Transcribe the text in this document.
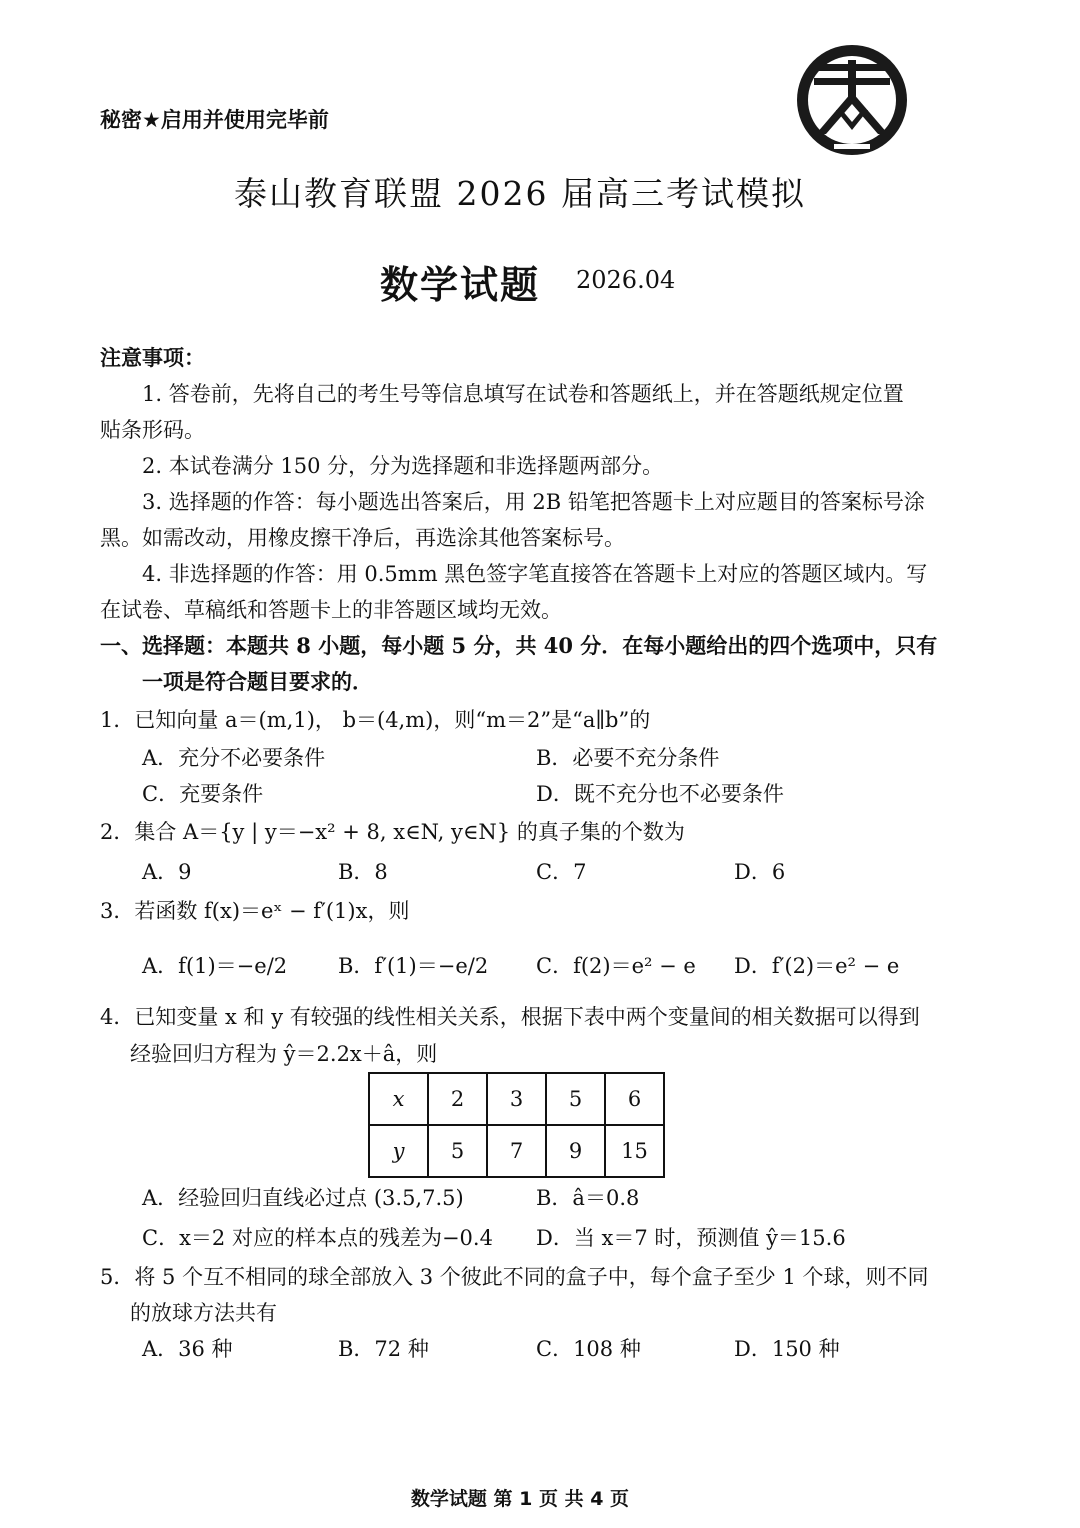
秘密★启用并使用完毕前
泰山教育联盟 2026 届高三考试模拟
数学试题 2026.04
注意事项：
1. 答卷前，先将自己的考生号等信息填写在试卷和答题纸上，并在答题纸规定位置
贴条形码。
2. 本试卷满分 150 分，分为选择题和非选择题两部分。
3. 选择题的作答：每小题选出答案后，用 2B 铅笔把答题卡上对应题目的答案标号涂
黑。如需改动，用橡皮擦干净后，再选涂其他答案标号。
4. 非选择题的作答：用 0.5mm 黑色签字笔直接答在答题卡上对应的答题区域内。写
在试卷、草稿纸和答题卡上的非答题区域均无效。
一、选择题：本题共 8 小题，每小题 5 分，共 40 分．在每小题给出的四个选项中，只有
一项是符合题目要求的．
1．已知向量 a＝(m,1)， b＝(4,m)，则“m＝2”是“a∥b”的
A．充分不必要条件	B．必要不充分条件
C．充要条件	D．既不充分也不必要条件
2．集合 A＝{y | y＝−x² + 8, x∈N, y∈N} 的真子集的个数为
A．9	B．8	C．7	D．6
3．若函数 f(x)＝eˣ − f′(1)x，则
A．f(1)＝−e/2 B．f′(1)＝−e/2 C．f(2)＝e² − e D．f′(2)＝e² − e
4．已知变量 x 和 y 有较强的线性相关关系，根据下表中两个变量间的相关数据可以得到
经验回归方程为 ŷ＝2.2x＋â，则
x	2	3	5	6
y	5	7	9	15
A．经验回归直线必过点 (3.5,7.5)	B．â＝0.8
C．x＝2 对应的样本点的残差为−0.4 D．当 x＝7 时，预测值 ŷ＝15.6
5．将 5 个互不相同的球全部放入 3 个彼此不同的盒子中，每个盒子至少 1 个球，则不同
的放球方法共有
A．36 种	B．72 种	C．108 种	D．150 种
数学试题 第 1 页 共 4 页
